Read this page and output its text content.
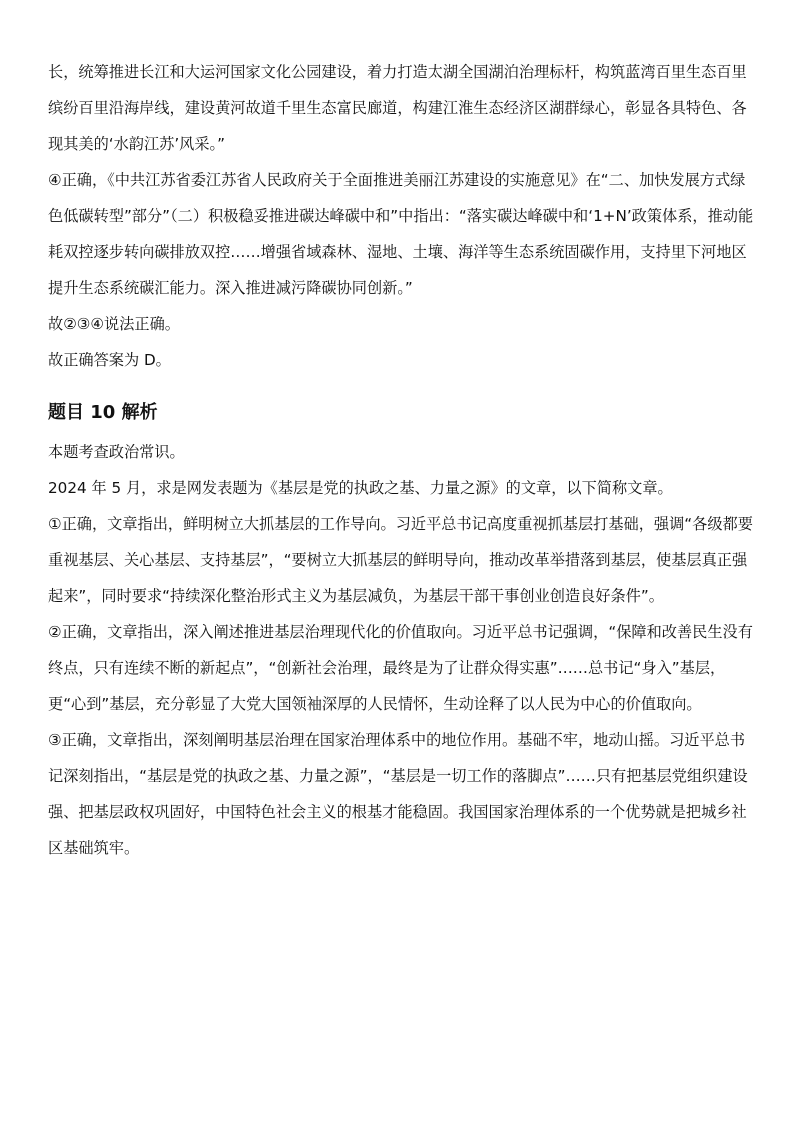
长，统筹推进长江和大运河国家文化公园建设，着力打造太湖全国湖泊治理标杆，构筑蓝湾百里生态百里缤纷百里沿海岸线，建设黄河故道千里生态富民廊道，构建江淮生态经济区湖群绿心，彰显各具特色、各现其美的‘水韵江苏’风采。”

④正确，《中共江苏省委江苏省人民政府关于全面推进美丽江苏建设的实施意见》在“二、加快发展方式绿色低碳转型”部分”（二）积极稳妥推进碳达峰碳中和”中指出：“落实碳达峰碳中和‘1+N’政策体系，推动能耗双控逐步转向碳排放双控……增强省域森林、湿地、土壤、海洋等生态系统固碳作用，支持里下河地区提升生态系统碳汇能力。深入推进减污降碳协同创新。”

故②③④说法正确。

故正确答案为 D。

题目 10 解析

本题考查政治常识。

2024 年 5 月，求是网发表题为《基层是党的执政之基、力量之源》的文章，以下简称文章。

①正确，文章指出，鲜明树立大抓基层的工作导向。习近平总书记高度重视抓基层打基础，强调“各级都要重视基层、关心基层、支持基层”，“要树立大抓基层的鲜明导向，推动改革举措落到基层，使基层真正强起来”，同时要求“持续深化整治形式主义为基层减负，为基层干部干事创业创造良好条件”。

②正确，文章指出，深入阐述推进基层治理现代化的价值取向。习近平总书记强调，“保障和改善民生没有终点，只有连续不断的新起点”，“创新社会治理，最终是为了让群众得实惠”……总书记“身入”基层，更“心到”基层，充分彰显了大党大国领袖深厚的人民情怀，生动诠释了以人民为中心的价值取向。

③正确，文章指出，深刻阐明基层治理在国家治理体系中的地位作用。基础不牢，地动山摇。习近平总书记深刻指出，“基层是党的执政之基、力量之源”，“基层是一切工作的落脚点”……只有把基层党组织建设强、把基层政权巩固好，中国特色社会主义的根基才能稳固。我国国家治理体系的一个优势就是把城乡社区基础筑牢。
